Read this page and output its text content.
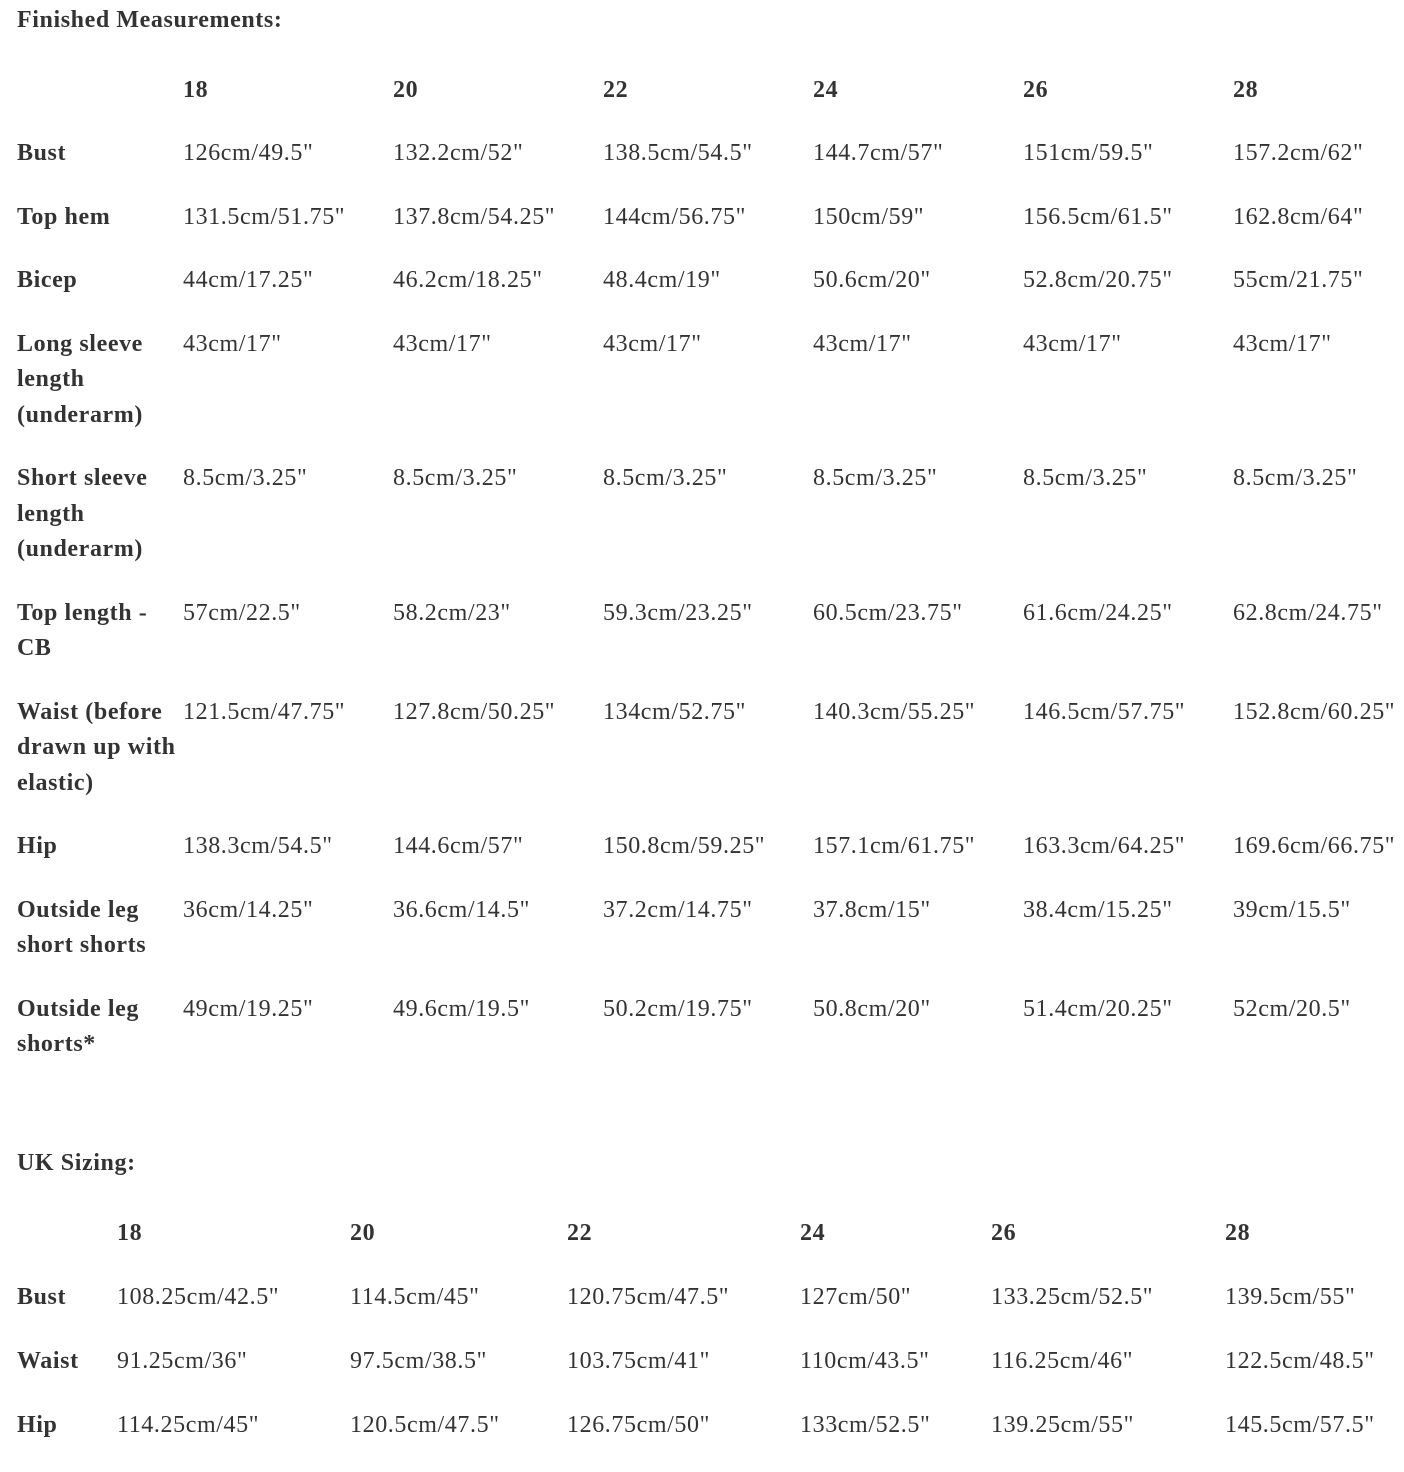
Finished Measurements:
	18	20	22	24	26	28
Bust	126cm/49.5"	132.2cm/52"	138.5cm/54.5"	144.7cm/57"	151cm/59.5"	157.2cm/62"
Top hem	131.5cm/51.75"	137.8cm/54.25"	144cm/56.75"	150cm/59"	156.5cm/61.5"	162.8cm/64"
Bicep	44cm/17.25"	46.2cm/18.25"	48.4cm/19"	50.6cm/20"	52.8cm/20.75"	55cm/21.75"
Long sleeve length (underarm)	43cm/17"	43cm/17"	43cm/17"	43cm/17"	43cm/17"	43cm/17"
Short sleeve length (underarm)	8.5cm/3.25"	8.5cm/3.25"	8.5cm/3.25"	8.5cm/3.25"	8.5cm/3.25"	8.5cm/3.25"
Top length - CB	57cm/22.5"	58.2cm/23"	59.3cm/23.25"	60.5cm/23.75"	61.6cm/24.25"	62.8cm/24.75"
Waist (before drawn up with elastic)	121.5cm/47.75"	127.8cm/50.25"	134cm/52.75"	140.3cm/55.25"	146.5cm/57.75"	152.8cm/60.25"
Hip	138.3cm/54.5"	144.6cm/57"	150.8cm/59.25"	157.1cm/61.75"	163.3cm/64.25"	169.6cm/66.75"
Outside leg short shorts	36cm/14.25"	36.6cm/14.5"	37.2cm/14.75"	37.8cm/15"	38.4cm/15.25"	39cm/15.5"
Outside leg shorts*	49cm/19.25"	49.6cm/19.5"	50.2cm/19.75"	50.8cm/20"	51.4cm/20.25"	52cm/20.5"
UK Sizing:
	18	20	22	24	26	28
Bust	108.25cm/42.5"	114.5cm/45"	120.75cm/47.5"	127cm/50"	133.25cm/52.5"	139.5cm/55"
Waist	91.25cm/36"	97.5cm/38.5"	103.75cm/41"	110cm/43.5"	116.25cm/46"	122.5cm/48.5"
Hip	114.25cm/45"	120.5cm/47.5"	126.75cm/50"	133cm/52.5"	139.25cm/55"	145.5cm/57.5"
